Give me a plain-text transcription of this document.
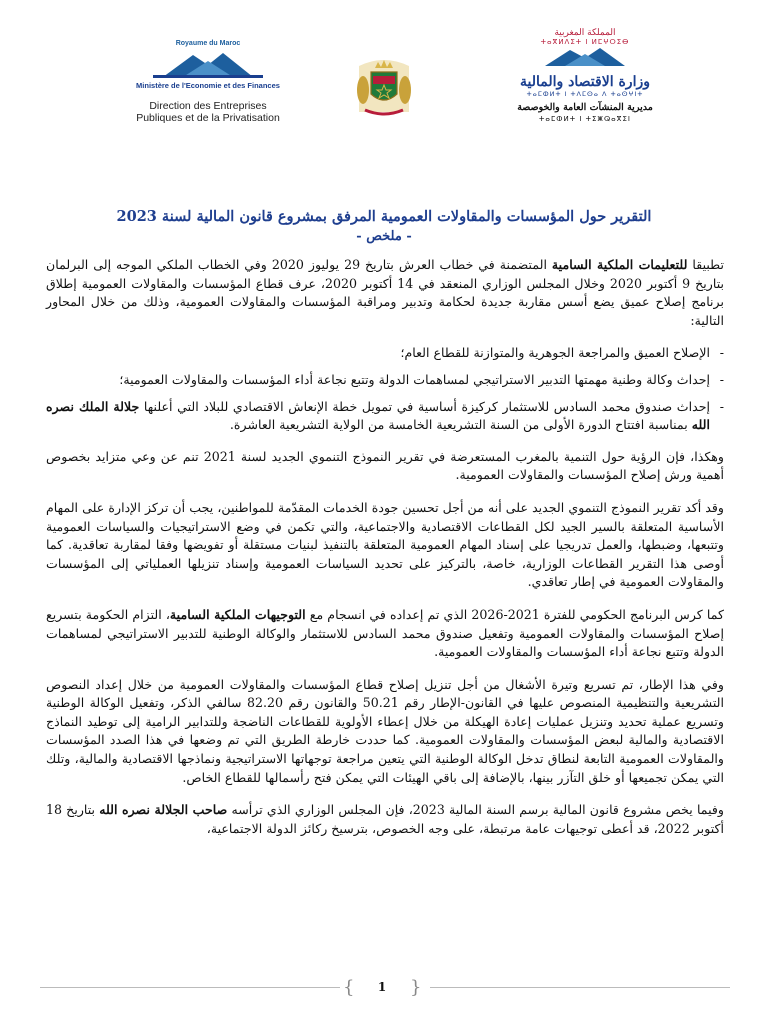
Royaume du Maroc
Ministère de l'Economie et des Finances
Direction des Entreprises
Publiques et de la Privatisation
المملكة المغربية
ⵜⴰⴳⵍⴷⵉⵜ ⵏ ⵍⵎⵖⵔⵉⴱ
وزارة الاقتصاد والمالية
ⵜⴰⵎⵀⵍⵜ ⵏ ⵜⴷⵎⵙⴰ ⴷ ⵜⴰⵙⵖⵏⵜ
مديرية المنشآت العامة والخوصصة
ⵜⴰⵎⵀⵍⵜ ⵏ ⵜⵉⵥⵕⴰⴳⵉⵏ
التقرير حول المؤسسات والمقاولات العمومية المرفق بمشروع قانون المالية لسنة 2023
- ملخص -

تطبيقا للتعليمات الملكية السامية المتضمنة في خطاب العرش بتاريخ 29 يوليوز 2020 وفي الخطاب الملكي الموجه إلى البرلمان بتاريخ 9 أكتوبر 2020 وخلال المجلس الوزاري المنعقد في 14 أكتوبر 2020، عرف قطاع المؤسسات والمقاولات العمومية إطلاق برنامج إصلاح عميق يضع أسس مقاربة جديدة لحكامة وتدبير ومراقبة المؤسسات والمقاولات العمومية، وذلك من خلال المحاور التالية:

- الإصلاح العميق والمراجعة الجوهرية والمتوازنة للقطاع العام؛
- إحداث وكالة وطنية مهمتها التدبير الاستراتيجي لمساهمات الدولة وتتبع نجاعة أداء المؤسسات والمقاولات العمومية؛
- إحداث صندوق محمد السادس للاستثمار كركيزة أساسية في تمويل خطة الإنعاش الاقتصادي للبلاد التي أعلنها جلالة الملك نصره الله بمناسبة افتتاح الدورة الأولى من السنة التشريعية الخامسة من الولاية التشريعية العاشرة.

وهكذا، فإن الرؤية حول التنمية بالمغرب المستعرضة في تقرير النموذج التنموي الجديد لسنة 2021 تنم عن وعي متزايد بخصوص أهمية ورش إصلاح المؤسسات والمقاولات العمومية.

وقد أكد تقرير النموذج التنموي الجديد على أنه من أجل تحسين جودة الخدمات المقدّمة للمواطنين، يجب أن تركز الإدارة على المهام الأساسية المتعلقة بالسير الجيد لكل القطاعات الاقتصادية والاجتماعية، والتي تكمن في وضع الاستراتيجيات والسياسات العمومية وتتبعها، وضبطها، والعمل تدريجيا على إسناد المهام العمومية المتعلقة بالتنفيذ لبنيات مستقلة أو تفويضها وفقا لمقاربة تعاقدية. كما أوصى هذا التقرير القطاعات الوزارية، خاصة، بالتركيز على تحديد السياسات العمومية وإسناد تنزيلها العملياتي إلى المؤسسات والمقاولات العمومية في إطار تعاقدي.

كما كرس البرنامج الحكومي للفترة 2021-2026 الذي تم إعداده في انسجام مع التوجيهات الملكية السامية، التزام الحكومة بتسريع إصلاح المؤسسات والمقاولات العمومية وتفعيل صندوق محمد السادس للاستثمار والوكالة الوطنية للتدبير الاستراتيجي لمساهمات الدولة وتتبع نجاعة أداء المؤسسات والمقاولات العمومية.

وفي هذا الإطار، تم تسريع وتيرة الأشغال من أجل تنزيل إصلاح قطاع المؤسسات والمقاولات العمومية من خلال إعداد النصوص التشريعية والتنظيمية المنصوص عليها في القانون-الإطار رقم 50.21 والقانون رقم 82.20 سالفي الذكر، وتفعيل الوكالة الوطنية وتسريع عملية تحديد وتنزيل عمليات إعادة الهيكلة من خلال إعطاء الأولوية للقطاعات الناضجة وللتدابير الرامية إلى توطيد النماذج الاقتصادية والمالية لبعض المؤسسات والمقاولات العمومية. كما حددت خارطة الطريق التي تم وضعها في هذا الصدد المؤسسات والمقاولات العمومية التابعة لنطاق تدخل الوكالة الوطنية التي يتعين مراجعة توجهاتها الاستراتيجية ونماذجها الاقتصادية والمالية، وتلك التي يمكن تجميعها أو خلق التآزر بينها، بالإضافة إلى باقي الهيئات التي يمكن فتح رأسمالها للقطاع الخاص.

وفيما يخص مشروع قانون المالية برسم السنة المالية 2023، فإن المجلس الوزاري الذي ترأسه صاحب الجلالة نصره الله بتاريخ 18 أكتوبر 2022، قد أعطى توجيهات عامة مرتبطة، على وجه الخصوص، بترسيخ ركائز الدولة الاجتماعية،

{	1	}
